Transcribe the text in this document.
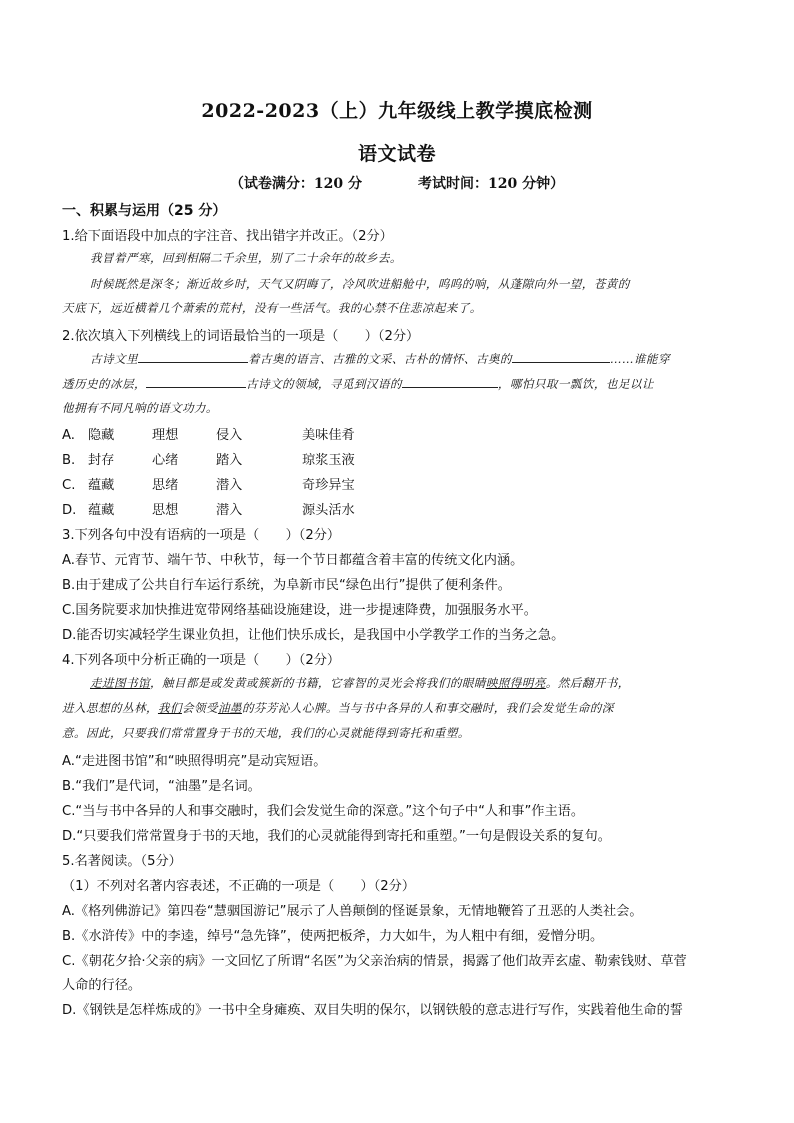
2022-2023（上）九年级线上教学摸底检测
语文试卷
（试卷满分：120 分	考试时间：120 分钟）
一、积累与运用（25 分）
1.给下面语段中加点的字注音、找出错字并改正。（2分）
我冒着严寒，回到相隔二千余里，别了二十余年的故乡去。
时候既然是深冬；渐近故乡时，天气又阴晦了，冷风吹进船舱中，呜呜的响，从蓬隙向外一望，苍黄的
天底下，远近横着几个萧索的荒村，没有一些活气。我的心禁不住悲凉起来了。
2.依次填入下列横线上的词语最恰当的一项是（　　）（2分）
古诗文里	着古奥的语言、古雅的文采、古朴的情怀、古奥的	……谁能穿
透历史的冰层，	古诗文的领域，寻觅到汉语的	，哪怕只取一瓢饮，也足以让
他拥有不同凡响的语文功力。
A. 隐藏	理想	侵入	美味佳肴
B. 封存	心绪	踏入	琼浆玉液
C. 蕴藏	思绪	潜入	奇珍异宝
D. 蕴藏	思想	潜入	源头活水
3.下列各句中没有语病的一项是（　　）（2分）
A.春节、元宵节、端午节、中秋节，每一个节日都蕴含着丰富的传统文化内涵。
B.由于建成了公共自行车运行系统，为阜新市民“绿色出行”提供了便利条件。
C.国务院要求加快推进宽带网络基础设施建设，进一步提速降费，加强服务水平。
D.能否切实减轻学生课业负担，让他们快乐成长，是我国中小学教学工作的当务之急。
4.下列各项中分析正确的一项是（　　）（2分）
走进图书馆，触目都是或发黄或簇新的书籍，它睿智的灵光会将我们的眼睛映照得明亮。然后翻开书，
进入思想的丛林，我们会领受油墨的芬芳沁人心脾。当与书中各异的人和事交融时，我们会发觉生命的深
意。因此，只要我们常常置身于书的天地，我们的心灵就能得到寄托和重塑。
A.“走进图书馆”和“映照得明亮”是动宾短语。
B.“我们”是代词，“油墨”是名词。
C.“当与书中各异的人和事交融时，我们会发觉生命的深意。”这个句子中“人和事”作主语。
D.“只要我们常常置身于书的天地，我们的心灵就能得到寄托和重塑。”一句是假设关系的复句。
5.名著阅读。（5分）
（1）不列对名著内容表述，不正确的一项是（　　）（2分）
A.《格列佛游记》第四卷“慧骃国游记”展示了人兽颠倒的怪诞景象，无情地鞭笞了丑恶的人类社会。
B.《水浒传》中的李逵，绰号“急先锋”，使两把板斧，力大如牛，为人粗中有细，爱憎分明。
C.《朝花夕拾·父亲的病》一文回忆了所谓“名医”为父亲治病的情景，揭露了他们故弄玄虚、勒索钱财、草菅
人命的行径。
D.《钢铁是怎样炼成的》一书中全身瘫痪、双目失明的保尔，以钢铁般的意志进行写作，实践着他生命的誓
